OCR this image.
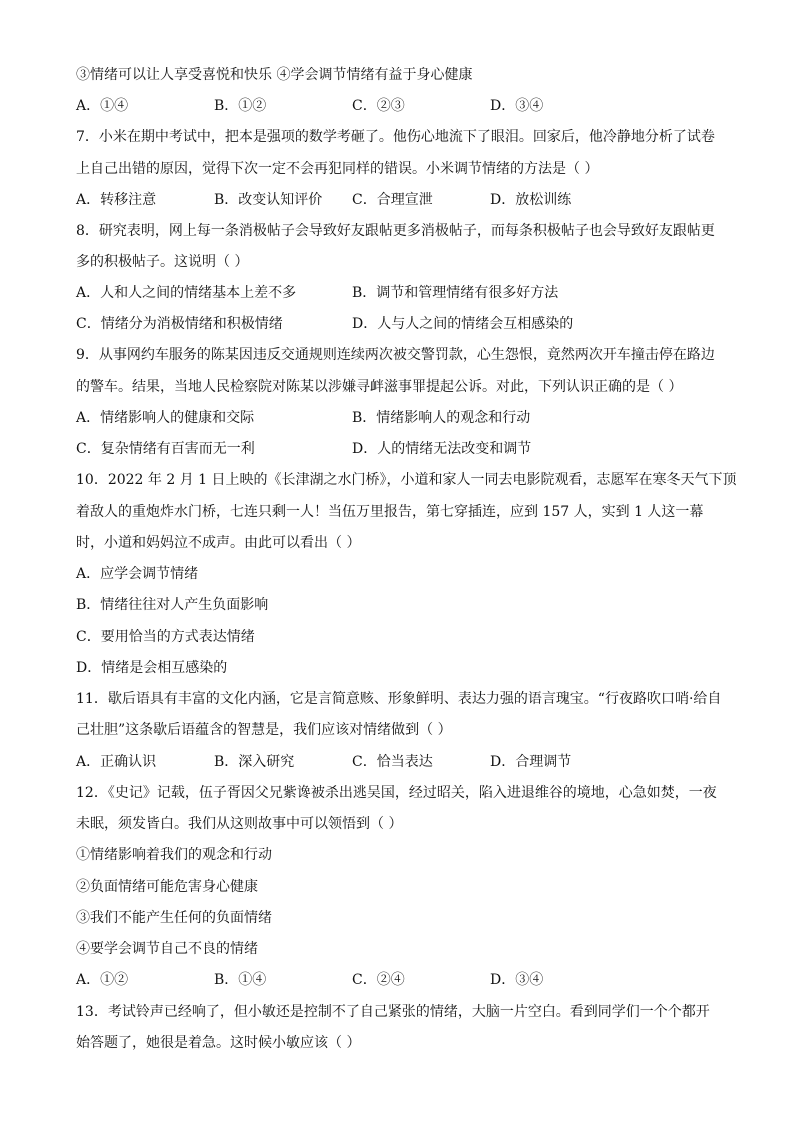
③情绪可以让人享受喜悦和快乐 ④学会调节情绪有益于身心健康
A．①④	B．①②	C．②③	D．③④
7．小米在期中考试中，把本是强项的数学考砸了。他伤心地流下了眼泪。回家后，他冷静地分析了试卷
上自己出错的原因，觉得下次一定不会再犯同样的错误。小米调节情绪的方法是（ ）
A．转移注意	B．改变认知评价 C．合理宣泄	D．放松训练
8．研究表明，网上每一条消极帖子会导致好友跟帖更多消极帖子，而每条积极帖子也会导致好友跟帖更
多的积极帖子。这说明（ ）
A．人和人之间的情绪基本上差不多	B．调节和管理情绪有很多好方法
C．情绪分为消极情绪和积极情绪	D．人与人之间的情绪会互相感染的
9．从事网约车服务的陈某因违反交通规则连续两次被交警罚款，心生怨恨，竟然两次开车撞击停在路边
的警车。结果，当地人民检察院对陈某以涉嫌寻衅滋事罪提起公诉。对此，下列认识正确的是（ ）
A．情绪影响人的健康和交际	B．情绪影响人的观念和行动
C．复杂情绪有百害而无一利	D．人的情绪无法改变和调节
10．2022 年 2 月 1 日上映的《长津湖之水门桥》，小道和家人一同去电影院观看，志愿军在寒冬天气下顶
着敌人的重炮炸水门桥，七连只剩一人！当伍万里报告，第七穿插连，应到 157 人，实到 1 人这一幕
时，小道和妈妈泣不成声。由此可以看出（ ）
A．应学会调节情绪
B．情绪往往对人产生负面影响
C．要用恰当的方式表达情绪
D．情绪是会相互感染的
11．歇后语具有丰富的文化内涵，它是言简意赅、形象鲜明、表达力强的语言瑰宝。“行夜路吹口哨·给自
己壮胆”这条歇后语蕴含的智慧是，我们应该对情绪做到（ ）
A．正确认识	B．深入研究	C．恰当表达	D．合理调节
12．《史记》记载，伍子胥因父兄紫谗被杀出逃吴国，经过昭关，陷入进退维谷的境地，心急如焚，一夜
未眠，须发皆白。我们从这则故事中可以领悟到（ ）
①情绪影响着我们的观念和行动
②负面情绪可能危害身心健康
③我们不能产生任何的负面情绪
④要学会调节自己不良的情绪
A．①②	B．①④	C．②④	D．③④
13．考试铃声已经响了，但小敏还是控制不了自己紧张的情绪，大脑一片空白。看到同学们一个个都开
始答题了，她很是着急。这时候小敏应该（ ）
